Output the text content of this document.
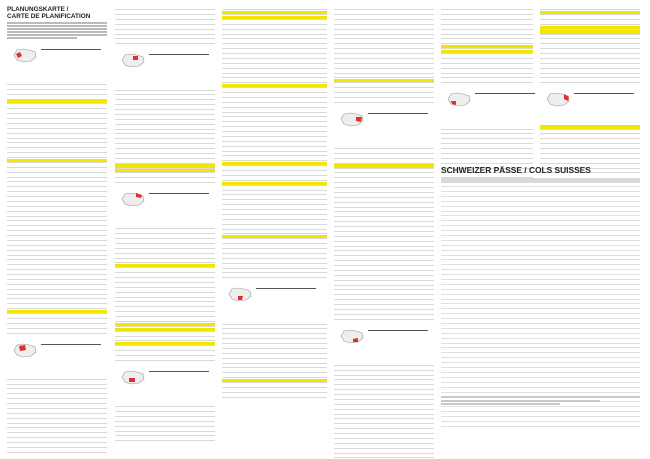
PLANUNGSKARTE /
CARTE DE PLANIFICATION
SCHWEIZER PÄSSE / COLS SUISSES
